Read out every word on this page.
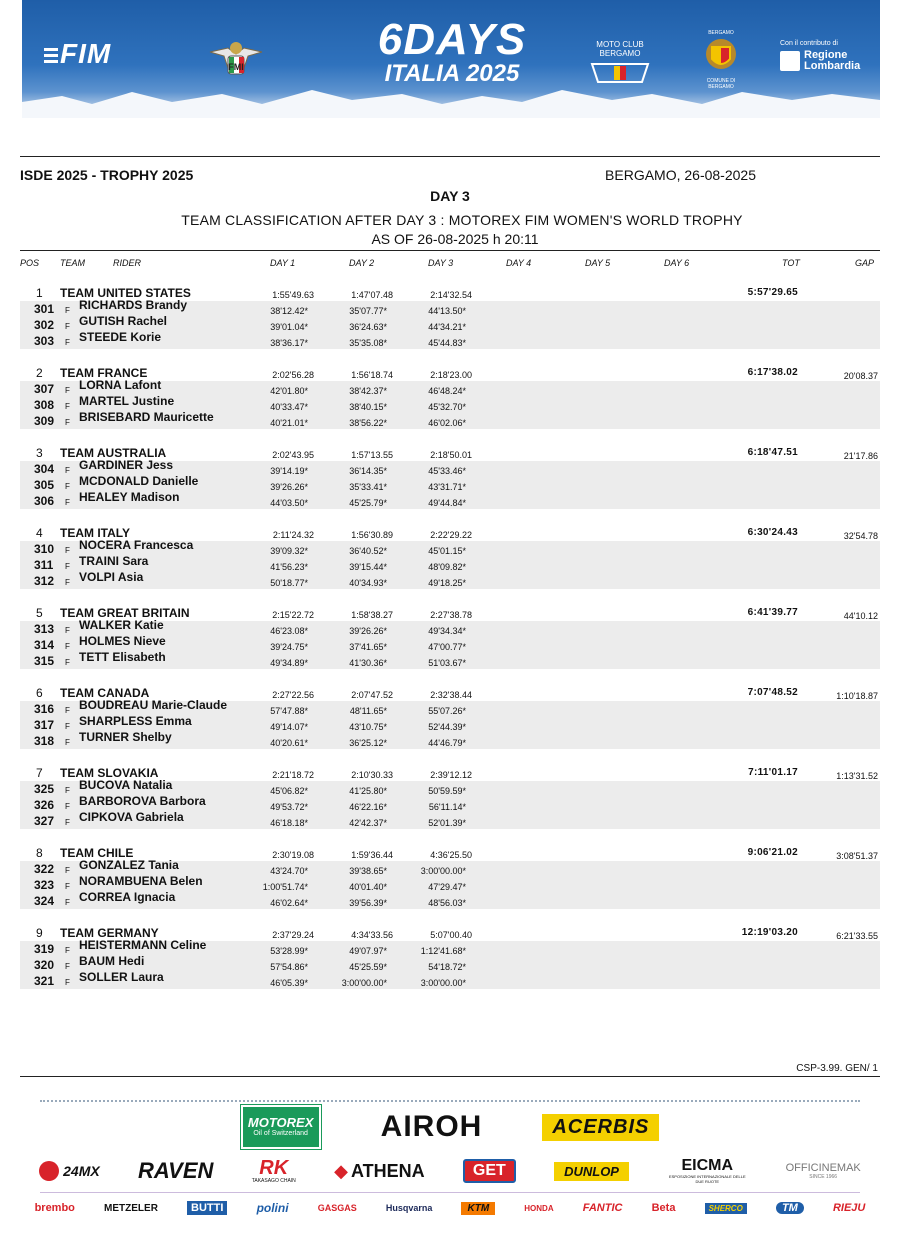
FIM	FMI
6DAYS
ITALIA 2025
MOTO CLUB BERGAMO
BERGAMO
COMUNE DI BERGAMO
Con il contributo di
Regione Lombardia
ISDE 2025 - TROPHY 2025	BERGAMO, 26-08-2025
DAY 3
TEAM CLASSIFICATION AFTER DAY 3 : MOTOREX FIM WOMEN'S WORLD TROPHY
AS OF 26-08-2025 h 20:11
POS TEAM	RIDER	DAY 1	DAY 2	DAY 3	DAY 4	DAY 5	DAY 6	TOT	GAP
1 TEAM UNITED STATES	1:55'49.63	1:47'07.48	2:14'32.54	5:57'29.65
301 F RICHARDS Brandy	38'12.42*	35'07.77*	44'13.50*
302 F GUTISH Rachel	39'01.04*	36'24.63*	44'34.21*
303 F STEEDE Korie	38'36.17*	35'35.08*	45'44.83*
2 TEAM FRANCE	2:02'56.28	1:56'18.74	2:18'23.00	6:17'38.02	20'08.37
307 F LORNA Lafont	42'01.80*	38'42.37*	46'48.24*
308 F MARTEL Justine	40'33.47*	38'40.15*	45'32.70*
309 F BRISEBARD Mauricette	40'21.01*	38'56.22*	46'02.06*
3 TEAM AUSTRALIA	2:02'43.95	1:57'13.55	2:18'50.01	6:18'47.51	21'17.86
304 F GARDINER Jess	39'14.19*	36'14.35*	45'33.46*
305 F MCDONALD Danielle	39'26.26*	35'33.41*	43'31.71*
306 F HEALEY Madison	44'03.50*	45'25.79*	49'44.84*
4 TEAM ITALY	2:11'24.32	1:56'30.89	2:22'29.22	6:30'24.43	32'54.78
310 F NOCERA Francesca	39'09.32*	36'40.52*	45'01.15*
311 F TRAINI Sara	41'56.23*	39'15.44*	48'09.82*
312 F VOLPI Asia	50'18.77*	40'34.93*	49'18.25*
5 TEAM GREAT BRITAIN	2:15'22.72	1:58'38.27	2:27'38.78	6:41'39.77	44'10.12
313 F WALKER Katie	46'23.08*	39'26.26*	49'34.34*
314 F HOLMES Nieve	39'24.75*	37'41.65*	47'00.77*
315 F TETT Elisabeth	49'34.89*	41'30.36*	51'03.67*
6 TEAM CANADA	2:27'22.56	2:07'47.52	2:32'38.44	7:07'48.52	1:10'18.87
316 F BOUDREAU Marie-Claude	57'47.88*	48'11.65*	55'07.26*
317 F SHARPLESS Emma	49'14.07*	43'10.75*	52'44.39*
318 F TURNER Shelby	40'20.61*	36'25.12*	44'46.79*
7 TEAM SLOVAKIA	2:21'18.72	2:10'30.33	2:39'12.12	7:11'01.17	1:13'31.52
325 F BUCOVA Natalia	45'06.82*	41'25.80*	50'59.59*
326 F BARBOROVA Barbora	49'53.72*	46'22.16*	56'11.14*
327 F CIPKOVA Gabriela	46'18.18*	42'42.37*	52'01.39*
8 TEAM CHILE	2:30'19.08	1:59'36.44	4:36'25.50	9:06'21.02	3:08'51.37
322 F GONZALEZ Tania	43'24.70*	39'38.65*	3:00'00.00*
323 F NORAMBUENA Belen	1:00'51.74*	40'01.40*	47'29.47*
324 F CORREA Ignacia	46'02.64*	39'56.39*	48'56.03*
9 TEAM GERMANY	2:37'29.24	4:34'33.56	5:07'00.40	12:19'03.20	6:21'33.55
319 F HEISTERMANN Celine	53'28.99*	49'07.97*	1:12'41.68*
320 F BAUM Hedi	57'54.86*	45'25.59*	54'18.72*
321 F SOLLER Laura	46'05.39*	3:00'00.00*	3:00'00.00*
CSP-3.99. GEN/ 1
MOTOREX
Oil of Switzerland	AIROH	ACERBIS
24MX RAVEN	RK
TAKASAGO CHAIN
◆ ATHENA	GET	DUNLOP	EICMA
ESPOSIZIONE INTERNAZIONALE DELLE DUE RUOTE
OFFICINEMAK
SINCE 1966
brembo	METZELER	BUTTI	polini	GASGAS	Husqvarna	KTM	HONDA	FANTIC	Beta	SHERCO	TM	RIEJU
